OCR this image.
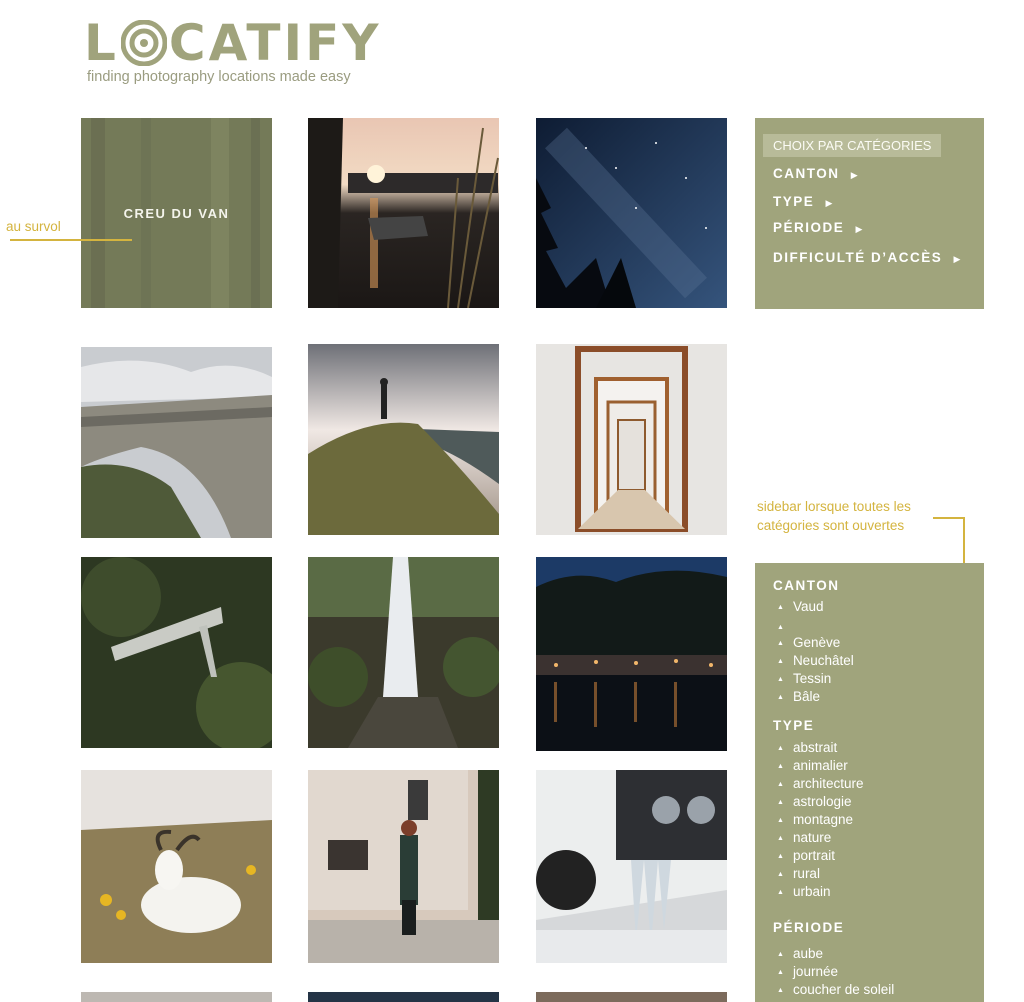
L CATIFY
finding photography locations made easy
CREU DU VAN
CHOIX PAR CATÉGORIES
CANTON ▶
TYPE ▶
PÉRIODE ▶
DIFFICULTÉ D’ACCÈS ▶
au survol
sidebar lorsque toutes les
catégories sont ouvertes
CANTON
▲ Vaud
▲
▲ Genève
▲ Neuchâtel
▲ Tessin
▲ Bâle
TYPE
▲ abstrait
▲ animalier
▲ architecture
▲ astrologie
▲ montagne
▲ nature
▲ portrait
▲ rural
▲ urbain
PÉRIODE
▲ aube
▲ journée
▲ coucher de soleil
